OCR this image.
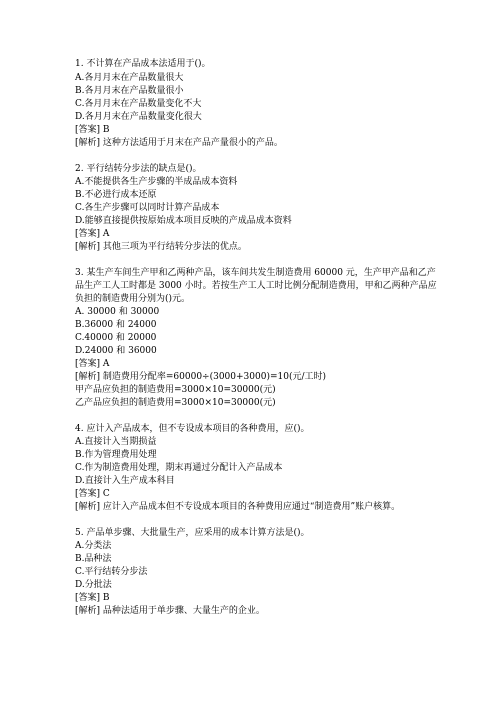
1. 不计算在产品成本法适用于()。
A.各月月末在产品数量很大
B.各月月末在产品数量很小
C.各月月末在产品数量变化不大
D.各月月末在产品数量变化很大
[答案] B
[解析] 这种方法适用于月末在产品产量很小的产品。
2. 平行结转分步法的缺点是()。
A.不能提供各生产步骤的半成品成本资料
B.不必进行成本还原
C.各生产步骤可以同时计算产品成本
D.能够直接提供按原始成本项目反映的产成品成本资料
[答案] A
[解析] 其他三项为平行结转分步法的优点。
3. 某生产车间生产甲和乙两种产品，该车间共发生制造费用 60000 元，生产甲产品和乙产
品生产工人工时都是 3000 小时。若按生产工人工时比例分配制造费用，甲和乙两种产品应
负担的制造费用分别为()元。
A. 30000 和 30000
B.36000 和 24000
C.40000 和 20000
D.24000 和 36000
[答案] A
[解析] 制造费用分配率=60000÷(3000+3000)=10(元/工时)
甲产品应负担的制造费用=3000×10=30000(元)
乙产品应负担的制造费用=3000×10=30000(元)
4. 应计入产品成本，但不专设成本项目的各种费用，应()。
A.直接计入当期损益
B.作为管理费用处理
C.作为制造费用处理，期末再通过分配计入产品成本
D.直接计入生产成本科目
[答案] C
[解析] 应计入产品成本但不专设成本项目的各种费用应通过“制造费用”账户核算。
5. 产品单步骤、大批量生产，应采用的成本计算方法是()。
A.分类法
B.品种法
C.平行结转分步法
D.分批法
[答案] B
[解析] 品种法适用于单步骤、大量生产的企业。
